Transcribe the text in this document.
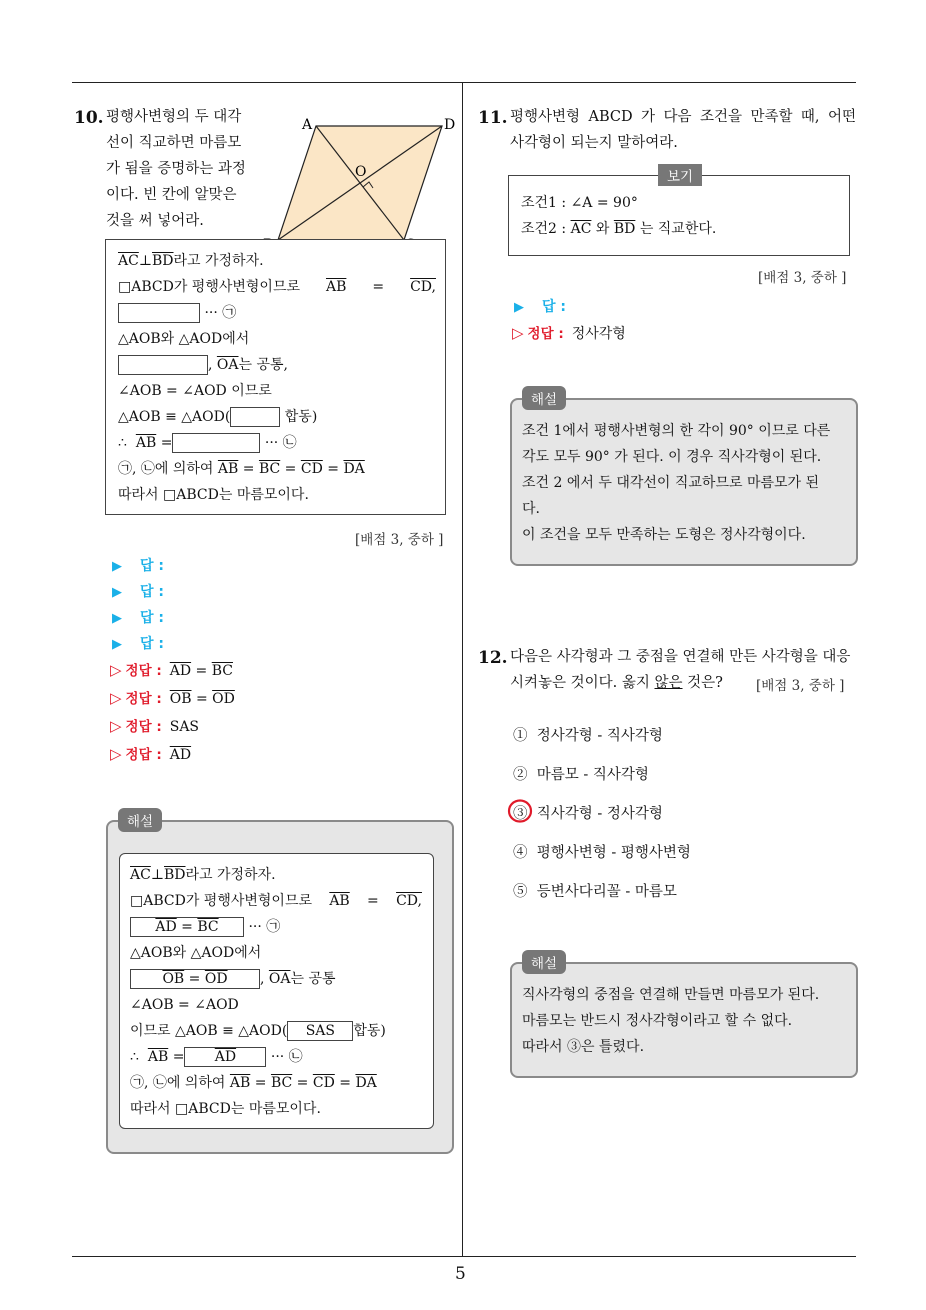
5
10. 평행사변형의 두 대각
선이 직교하면 마름모
가 됨을 증명하는 과정
이다. 빈 칸에 알맞은
것을 써 넣어라.
A	D
O
$\overline{AC}\perp\overline{BD}$라고 가정하자.
□ABCD가 평행사변형이므로 $\overline{AB}$ = CD,
··· ㉠
△AOB와 △AOD에서
, $\overline{OA}$는 공통,
∠AOB = ∠AOD 이므로
△AOB ≡ △AOD(	합동)
∴ $\overline{AB}$ =	··· ㉡
㉠, ㉡에 의하여 $\overline{AB} = \overline{BC} = \overline{CD} = \overline{DA}$
따라서 □ABCD는 마름모이다.
[배점 3, 중하 ]
▶ 답 :
▶ 답 :
▶ 답 :
▶ 답 :
▷ 정답 : $\overline{AD} = \overline{BC}$
▷ 정답 : $\overline{OB} = \overline{OD}$
▷ 정답 : SAS
▷ 정답 : $\overline{AD}$
해설
$\overline{AC}\perp\overline{BD}$라고 가정하자.
□ABCD가 평행사변형이므로 $\overline{AB}$ = CD,
$\overline{AD} = \overline{BC}$ ··· ㉠
△AOB와 △AOD에서
$\overline{OB} = \overline{OD}$ , $\overline{OA}$는 공통
∠AOB = ∠AOD
이므로 △AOB ≡ △AOD( SAS 합동)
∴ $\overline{AB} = \overline{AD}$ ··· ㉡
㉠, ㉡에 의하여 $\overline{AB} = \overline{BC} = \overline{CD} = \overline{DA}$
따라서 □ABCD는 마름모이다.
11. 평행사변형 ABCD 가 다음 조건을 만족할 때, 어떤
사각형이 되는지 말하여라.
조건1 : ∠A = 90°
조건2 : $\overline{AC}$ 와 $\overline{BD}$ 는 직교한다.
보기
[배점 3, 중하 ]
▶ 답 :
▷ 정답 : 정사각형
해설
조건 1에서 평행사변형의 한 각이 90° 이므로 다른
각도 모두 90° 가 된다. 이 경우 직사각형이 된다.
조건 2 에서 두 대각선이 직교하므로 마름모가 된
다.
이 조건을 모두 만족하는 도형은 정사각형이다.
12. 다음은 사각형과 그 중점을 연결해 만든 사각형을 대응
시켜놓은 것이다. 옳지 않은 것은?	[배점 3, 중하 ]
① 정사각형 - 직사각형
② 마름모 - 직사각형
③ 직사각형 - 정사각형
④ 평행사변형 - 평행사변형
⑤ 등변사다리꼴 - 마름모
해설
직사각형의 중점을 연결해 만들면 마름모가 된다.
마름모는 반드시 정사각형이라고 할 수 없다.
따라서 ③은 틀렸다.
